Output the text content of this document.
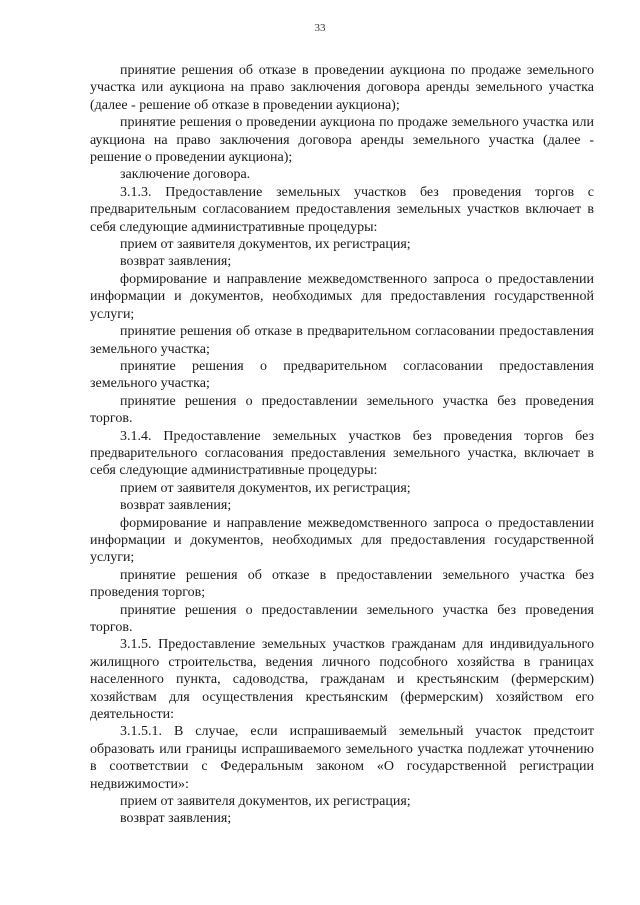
33

принятие решения об отказе в проведении аукциона по продаже земельного участка или аукциона на право заключения договора аренды земельного участка (далее - решение об отказе в проведении аукциона);

принятие решения о проведении аукциона по продаже земельного участка или аукциона на право заключения договора аренды земельного участка (далее - решение о проведении аукциона);

заключение договора.

3.1.3. Предоставление земельных участков без проведения торгов с предварительным согласованием предоставления земельных участков включает в себя следующие административные процедуры:

прием от заявителя документов, их регистрация;

возврат заявления;

формирование и направление межведомственного запроса о предоставлении информации и документов, необходимых для предоставления государственной услуги;

принятие решения об отказе в предварительном согласовании предоставления земельного участка;

принятие решения о предварительном согласовании предоставления земельного участка;

принятие решения о предоставлении земельного участка без проведения торгов.

3.1.4. Предоставление земельных участков без проведения торгов без предварительного согласования предоставления земельного участка, включает в себя следующие административные процедуры:

прием от заявителя документов, их регистрация;

возврат заявления;

формирование и направление межведомственного запроса о предоставлении информации и документов, необходимых для предоставления государственной услуги;

принятие решения об отказе в предоставлении земельного участка без проведения торгов;

принятие решения о предоставлении земельного участка без проведения торгов.

3.1.5. Предоставление земельных участков гражданам для индивидуального жилищного строительства, ведения личного подсобного хозяйства в границах населенного пункта, садоводства, гражданам и крестьянским (фермерским) хозяйствам для осуществления крестьянским (фермерским) хозяйством его деятельности:

3.1.5.1. В случае, если испрашиваемый земельный участок предстоит образовать или границы испрашиваемого земельного участка подлежат уточнению в соответствии с Федеральным законом «О государственной регистрации недвижимости»:

прием от заявителя документов, их регистрация;

возврат заявления;
